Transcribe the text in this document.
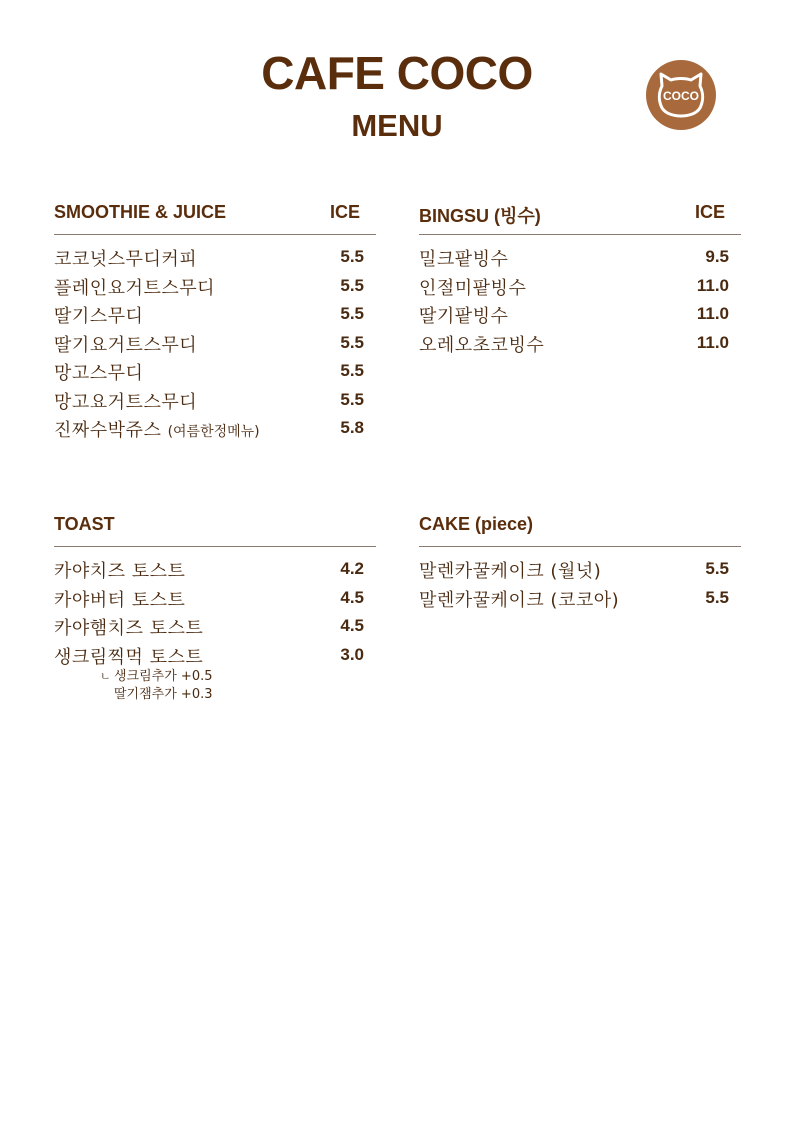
CAFE COCO
MENU
COCO
SMOOTHIE & JUICE	ICE
코코넛스무디커피	5.5
플레인요거트스무디	5.5
딸기스무디	5.5
딸기요거트스무디	5.5
망고스무디	5.5
망고요거트스무디	5.5
진짜수박쥬스 (여름한정메뉴)	5.8
BINGSU (빙수)	ICE
밀크팥빙수	9.5
인절미팥빙수	11.0
딸기팥빙수	11.0
오레오초코빙수	11.0
TOAST
카야치즈 토스트	4.2
카야버터 토스트	4.5
카야햄치즈 토스트	4.5
생크림찍먹 토스트	3.0
ㄴ 생크림추가 +0.5
딸기잼추가 +0.3
CAKE (piece)
말렌카꿀케이크 (월넛)	5.5
말렌카꿀케이크 (코코아)	5.5
